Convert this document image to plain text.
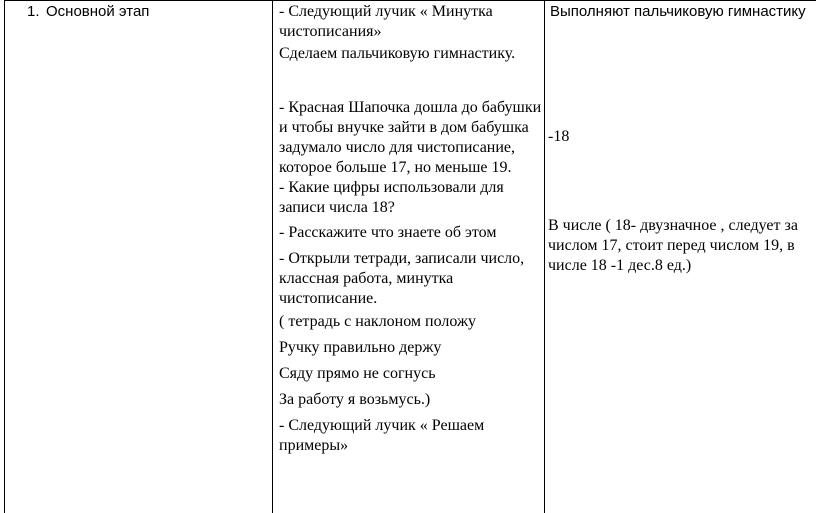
1. Основной этап	- Следующий лучик « Минутка
чистописания»
Сделаем пальчиковую гимнастику.
- Красная Шапочка дошла до бабушки
и чтобы внучке зайти в дом бабушка
задумало число для чистописание,
которое больше 17, но меньше 19.
- Какие цифры использовали для
записи числа 18?
- Расскажите что знаете об этом
- Открыли тетради, записали число,
классная работа, минутка
чистописание.
( тетрадь с наклоном положу
Ручку правильно держу
Сяду прямо не согнусь
За работу я возьмусь.)
- Следующий лучик « Решаем
примеры»
Выполняют пальчиковую гимнастику
-18
В числе ( 18- двузначное , следует за
числом 17, стоит перед числом 19, в
числе 18 -1 дес.8 ед.)
